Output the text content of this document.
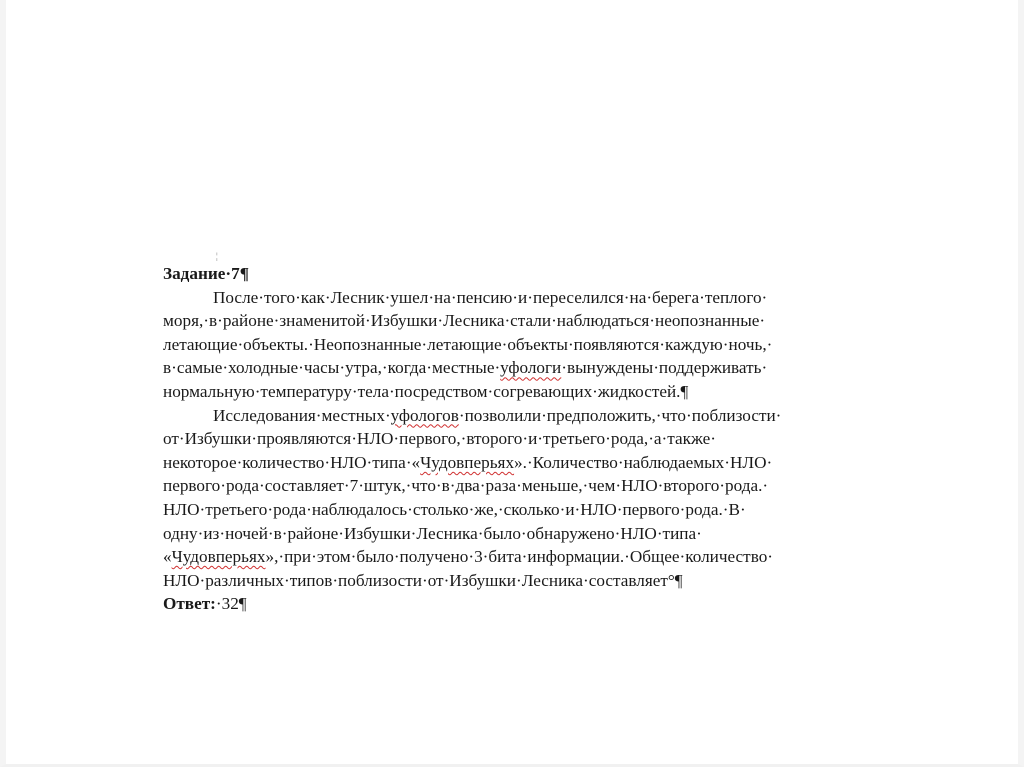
¦

Задание·7¶

После·того·как·Лесник·ушел·на·пенсию·и·переселился·на·берега·теплого·
моря,·в·районе·знаменитой·Избушки·Лесника·стали·наблюдаться·неопознанные·
летающие·объекты.·Неопознанные·летающие·объекты·появляются·каждую·ночь,·
в·самые·холодные·часы·утра,·когда·местные·уфологи·вынуждены·поддерживать·
нормальную·температуру·тела·посредством·согревающих·жидкостей.¶
Исследования·местных·уфологов·позволили·предположить,·что·поблизости·
от·Избушки·проявляются·НЛО·первого,·второго·и·третьего·рода,·а·также·
некоторое·количество·НЛО·типа·«Чудовперьях».·Количество·наблюдаемых·НЛО·
первого·рода·составляет·7·штук,·что·в·два·раза·меньше,·чем·НЛО·второго·рода.·
НЛО·третьего·рода·наблюдалось·столько·же,·сколько·и·НЛО·первого·рода.·В·
одну·из·ночей·в·районе·Избушки·Лесника·было·обнаружено·НЛО·типа·
«Чудовперьях»,·при·этом·было·получено·3·бита·информации.·Общее·количество·
НЛО·различных·типов·поблизости·от·Избушки·Лесника·составляет°¶

Ответ:·32¶
